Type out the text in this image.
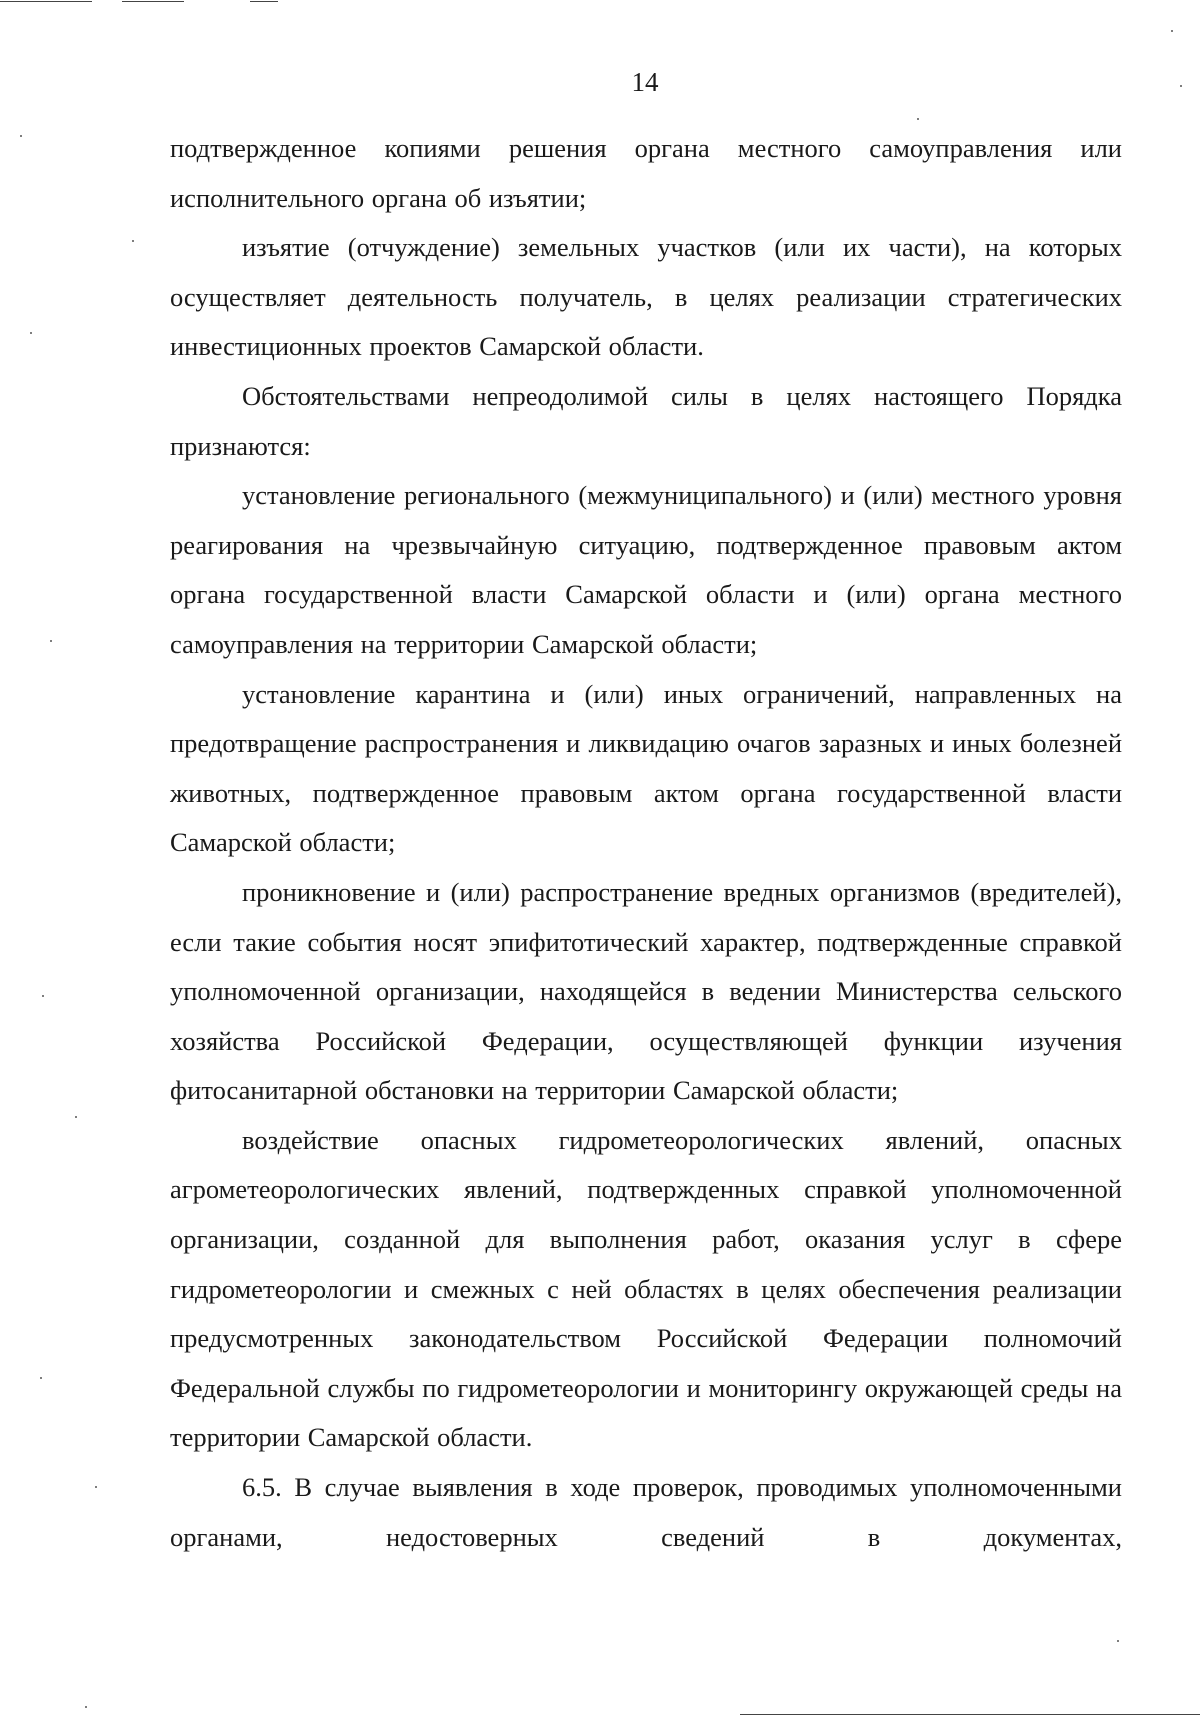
14

подтвержденное копиями решения органа местного самоуправления или исполнительного органа об изъятии;

изъятие (отчуждение) земельных участков (или их части), на которых осуществляет деятельность получатель, в целях реализации стратегических инвестиционных проектов Самарской области.

Обстоятельствами непреодолимой силы в целях настоящего Порядка признаются:

установление регионального (межмуниципального) и (или) местного уровня реагирования на чрезвычайную ситуацию, подтвержденное правовым актом органа государственной власти Самарской области и (или) органа местного самоуправления на территории Самарской области;

установление карантина и (или) иных ограничений, направленных на предотвращение распространения и ликвидацию очагов заразных и иных болезней животных, подтвержденное правовым актом органа государственной власти Самарской области;

проникновение и (или) распространение вредных организмов (вредителей), если такие события носят эпифитотический характер, подтвержденные справкой уполномоченной организации, находящейся в ведении Министерства сельского хозяйства Российской Федерации, осуществляющей функции изучения фитосанитарной обстановки на территории Самарской области;

воздействие опасных гидрометеорологических явлений, опасных агрометеорологических явлений, подтвержденных справкой уполномоченной организации, созданной для выполнения работ, оказания услуг в сфере гидрометеорологии и смежных с ней областях в целях обеспечения реализации предусмотренных законодательством Российской Федерации полномочий Федеральной службы по гидрометеорологии и мониторингу окружающей среды на территории Самарской области.

6.5. В случае выявления в ходе проверок, проводимых уполномоченными органами, недостоверных сведений в документах,
